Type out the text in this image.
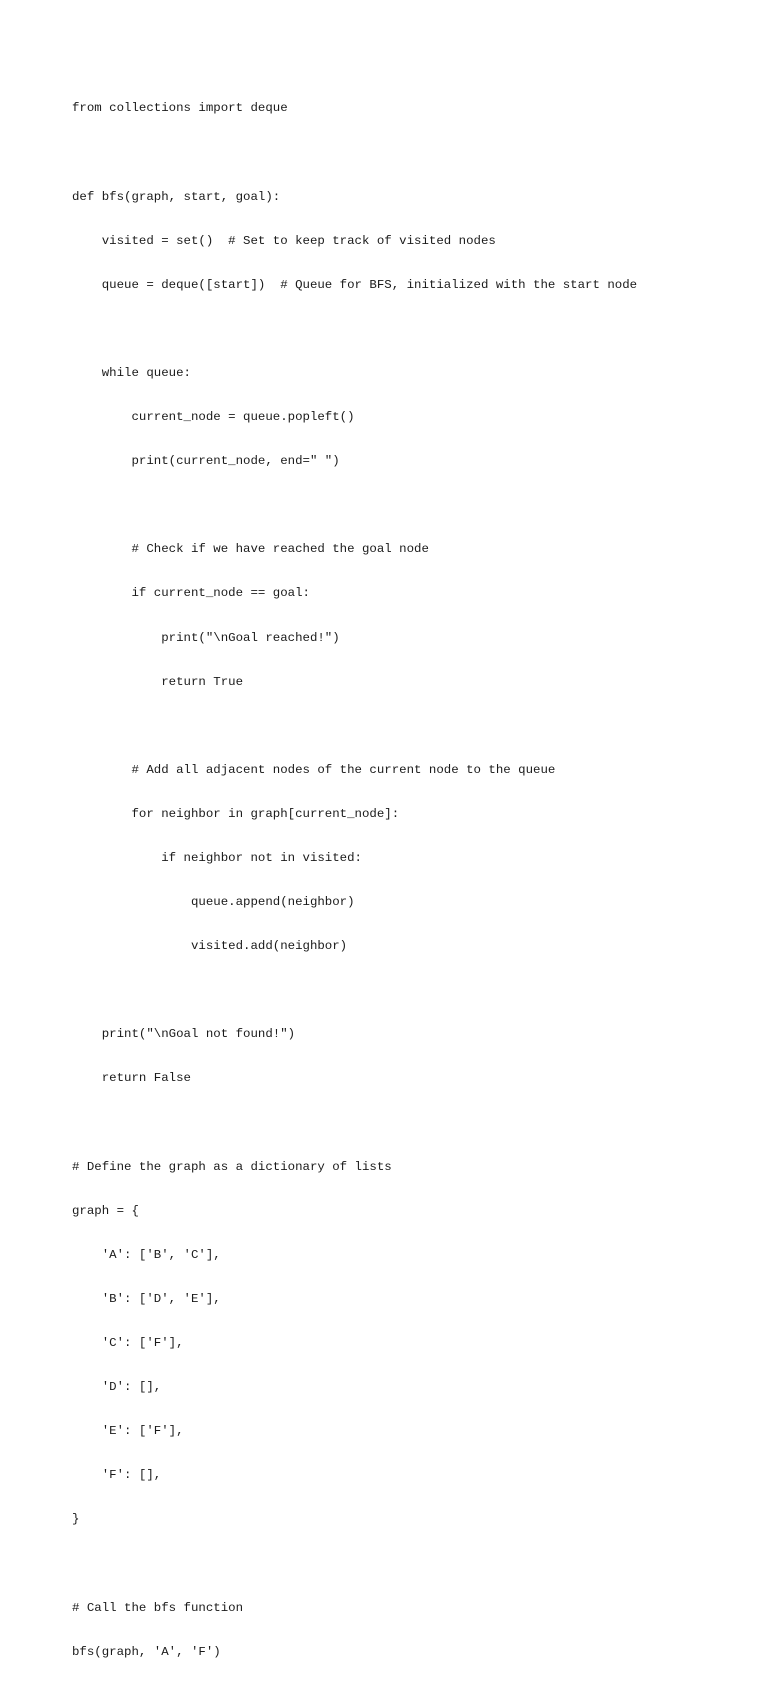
from collections import deque

def bfs(graph, start, goal):

visited = set()  # Set to keep track of visited nodes

queue = deque([start])  # Queue for BFS, initialized with the start node

while queue:

current_node = queue.popleft()

print(current_node, end=" ")

# Check if we have reached the goal node

if current_node == goal:

print("\nGoal reached!")

return True

# Add all adjacent nodes of the current node to the queue

for neighbor in graph[current_node]:

if neighbor not in visited:

queue.append(neighbor)

visited.add(neighbor)

print("\nGoal not found!")

return False

# Define the graph as a dictionary of lists

graph = {

'A': ['B', 'C'],

'B': ['D', 'E'],

'C': ['F'],

'D': [],

'E': ['F'],

'F': [],

}

# Call the bfs function

bfs(graph, 'A', 'F')
